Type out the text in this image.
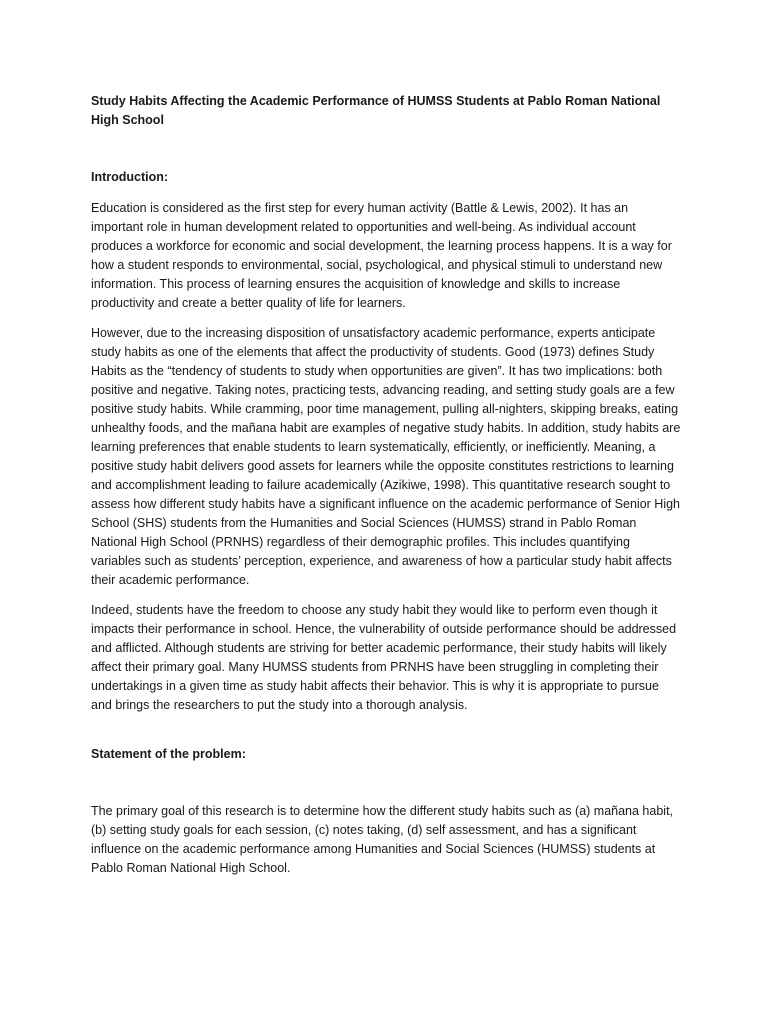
Study Habits Affecting the Academic Performance of HUMSS Students at Pablo Roman National High School

Introduction:

Education is considered as the first step for every human activity (Battle & Lewis, 2002). It has an important role in human development related to opportunities and well-being. As individual account produces a workforce for economic and social development, the learning process happens. It is a way for how a student responds to environmental, social, psychological, and physical stimuli to understand new information. This process of learning ensures the acquisition of knowledge and skills to increase productivity and create a better quality of life for learners.

However, due to the increasing disposition of unsatisfactory academic performance, experts anticipate study habits as one of the elements that affect the productivity of students. Good (1973) defines Study Habits as the “tendency of students to study when opportunities are given”. It has two implications: both positive and negative. Taking notes, practicing tests, advancing reading, and setting study goals are a few positive study habits. While cramming, poor time management, pulling all-nighters, skipping breaks, eating unhealthy foods, and the mañana habit are examples of negative study habits. In addition, study habits are learning preferences that enable students to learn systematically, efficiently, or inefficiently. Meaning, a positive study habit delivers good assets for learners while the opposite constitutes restrictions to learning and accomplishment leading to failure academically (Azikiwe, 1998). This quantitative research sought to assess how different study habits have a significant influence on the academic performance of Senior High School (SHS) students from the Humanities and Social Sciences (HUMSS) strand in Pablo Roman National High School (PRNHS) regardless of their demographic profiles. This includes quantifying variables such as students’ perception, experience, and awareness of how a particular study habit affects their academic performance.

Indeed, students have the freedom to choose any study habit they would like to perform even though it impacts their performance in school. Hence, the vulnerability of outside performance should be addressed and afflicted. Although students are striving for better academic performance, their study habits will likely affect their primary goal. Many HUMSS students from PRNHS have been struggling in completing their undertakings in a given time as study habit affects their behavior. This is why it is appropriate to pursue and brings the researchers to put the study into a thorough analysis.

Statement of the problem:

The primary goal of this research is to determine how the different study habits such as (a) mañana habit, (b) setting study goals for each session, (c) notes taking, (d) self assessment, and has a significant influence on the academic performance among Humanities and Social Sciences (HUMSS) students at Pablo Roman National High School.
